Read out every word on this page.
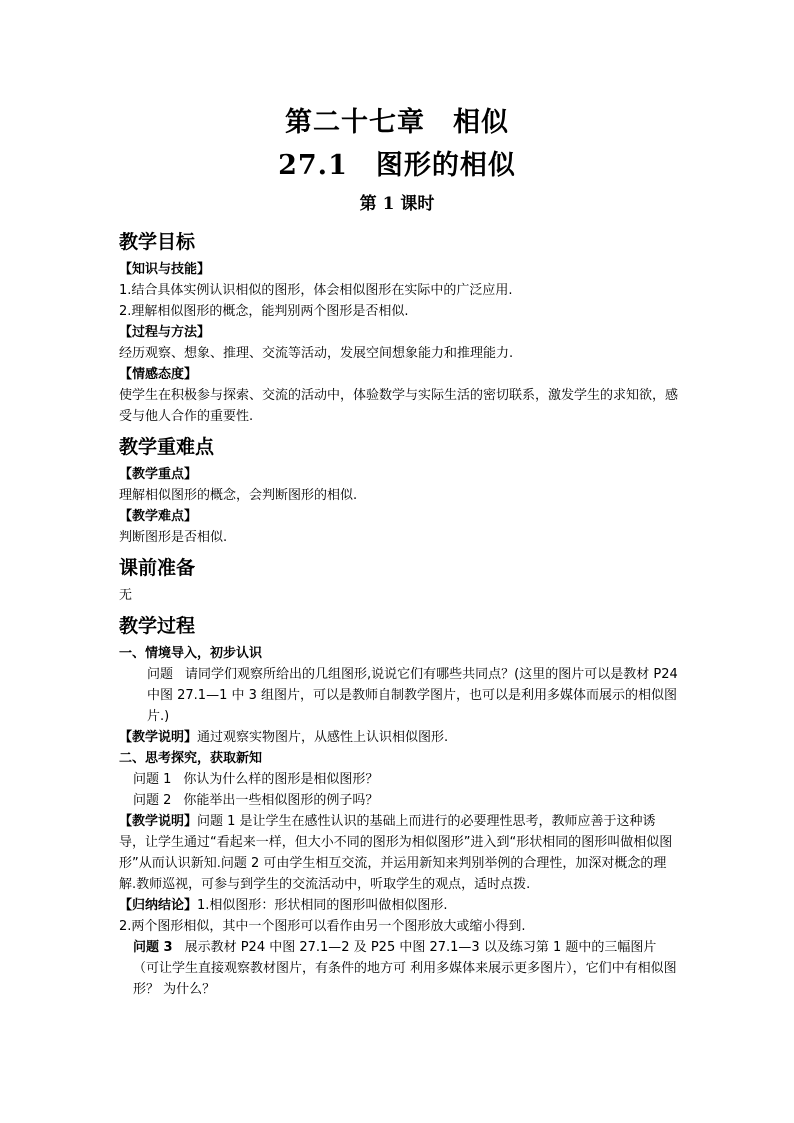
第二十七章　相似
27.1　图形的相似
第 1 课时
教学目标
【知识与技能】

1.结合具体实例认识相似的图形，体会相似图形在实际中的广泛应用.

2.理解相似图形的概念，能判别两个图形是否相似.

【过程与方法】

经历观察、想象、推理、交流等活动，发展空间想象能力和推理能力.

【情感态度】

使学生在积极参与探索、交流的活动中，体验数学与实际生活的密切联系，激发学生的求知欲，感受与他人合作的重要性.

教学重难点
【教学重点】

理解相似图形的概念，会判断图形的相似.

【教学难点】

判断图形是否相似.

课前准备

无

教学过程
一、情境导入，初步认识

问题 请同学们观察所给出的几组图形,说说它们有哪些共同点？(这里的图片可以是教材 P24 中图 27.1—1 中 3 组图片，可以是教师自制教学图片，也可以是利用多媒体而展示的相似图片.)

【教学说明】通过观察实物图片，从感性上认识相似图形.

二、思考探究，获取新知

问题 1 你认为什么样的图形是相似图形？

问题 2 你能举出一些相似图形的例子吗？

【教学说明】问题 1 是让学生在感性认识的基础上而进行的必要理性思考，教师应善于这种诱导，让学生通过“看起来一样，但大小不同的图形为相似图形”进入到“形状相同的图形叫做相似图形”从而认识新知.问题 2 可由学生相互交流，并运用新知来判别举例的合理性，加深对概念的理解.教师巡视，可参与到学生的交流活动中，听取学生的观点，适时点拨.

【归纳结论】1.相似图形：形状相同的图形叫做相似图形.

2.两个图形相似，其中一个图形可以看作由另一个图形放大或缩小得到.

问题 3 展示教材 P24 中图 27.1—2 及 P25 中图 27.1—3 以及练习第 1 题中的三幅图片（可让学生直接观察教材图片，有条件的地方可 利用多媒体来展示更多图片），它们中有相似图形？ 为什么？
